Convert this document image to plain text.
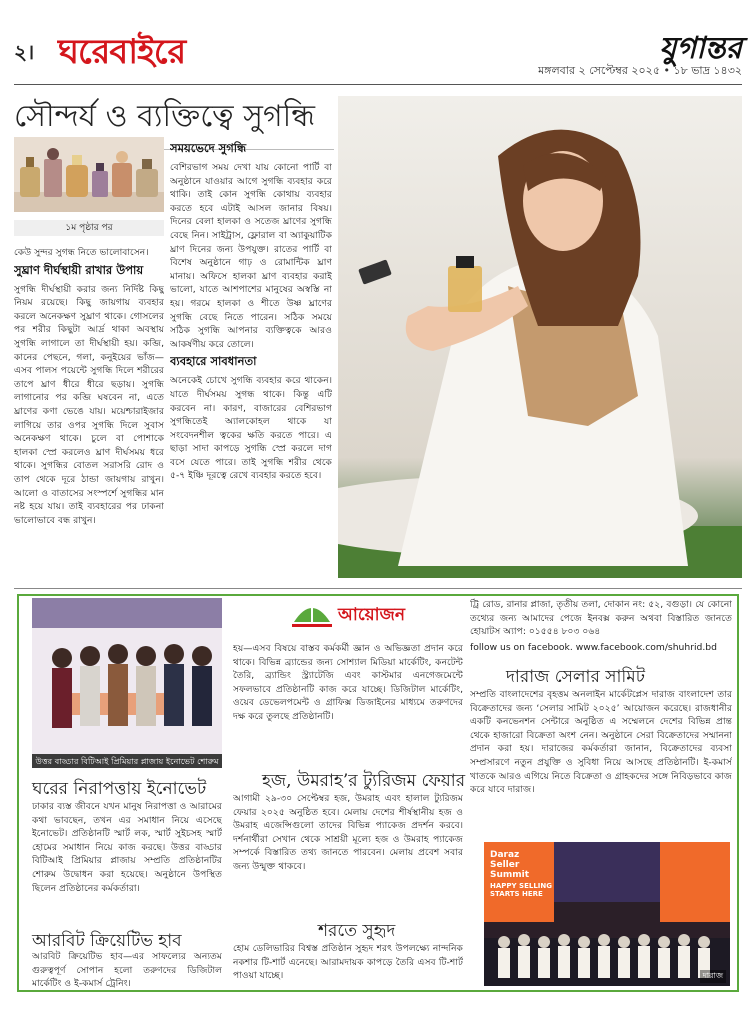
২। ঘরেবাইরে	যুগান্তর
মঙ্গলবার ২ সেপ্টেম্বর ২০২৫ • ১৮ ভাদ্র ১৪৩২
সৌন্দর্য ও ব্যক্তিত্বে সুগন্ধি
১ম পৃষ্ঠার পর

কেউ সুন্দর সুগন্ধ নিতে ভালোবাসেন।

সুঘ্রাণ দীর্ঘস্থায়ী রাখার উপায়

সুগন্ধি দীর্ঘস্থায়ী করার জন্য নির্দিষ্ট কিছু নিয়ম রয়েছে। কিছু জায়গায় ব্যবহার করলে অনেকক্ষণ সুঘ্রাণ থাকে। গোসলের পর শরীর কিছুটা আর্দ্র থাকা অবস্থায় সুগন্ধি লাগালে তা দীর্ঘস্থায়ী হয়। কব্জি, কানের পেছনে, গলা, কনুইয়ের ভাঁজ—এসব পালস পয়েন্টে সুগন্ধি দিলে শরীরের তাপে ঘ্রাণ ধীরে ধীরে ছড়ায়। সুগন্ধি লাগানোর পর কব্জি ঘষবেন না, এতে ঘ্রাণের কণা ভেঙে যায়। ময়েশ্চারাইজার লাগিয়ে তার ওপর সুগন্ধি দিলে সুবাস অনেকক্ষণ থাকে। চুলে বা পোশাকে হালকা স্প্রে করলেও ঘ্রাণ দীর্ঘসময় ধরে থাকে। সুগন্ধির বোতল সরাসরি রোদ ও তাপ থেকে দূরে ঠান্ডা জায়গায় রাখুন। আলো ও বাতাসের সংস্পর্শে সুগন্ধির মান নষ্ট হয়ে যায়। তাই ব্যবহারের পর ঢাকনা ভালোভাবে বন্ধ রাখুন।

সময়ভেদে সুগন্ধি

বেশিরভাগ সময় দেখা যায় কোনো পার্টি বা অনুষ্ঠানে যাওয়ার আগে সুগন্ধি ব্যবহার করে থাকি। তাই কোন সুগন্ধি কোথায় ব্যবহার করতে হবে এটাই আসল জানার বিষয়। দিনের বেলা হালকা ও সতেজ ঘ্রাণের সুগন্ধি বেছে নিন। সাইট্রাস, ফ্লোরাল বা অ্যাকুয়াটিক ঘ্রাণ দিনের জন্য উপযুক্ত। রাতের পার্টি বা বিশেষ অনুষ্ঠানে গাঢ় ও রোমান্টিক ঘ্রাণ মানায়। অফিসে হালকা ঘ্রাণ ব্যবহার করাই ভালো, যাতে আশপাশের মানুষের অস্বস্তি না হয়। গরমে হালকা ও শীতে উষ্ণ ঘ্রাণের সুগন্ধি বেছে নিতে পারেন। সঠিক সময়ে সঠিক সুগন্ধি আপনার ব্যক্তিত্বকে আরও আকর্ষণীয় করে তোলে।

ব্যবহারে সাবধানতা

অনেকেই চোখে সুগন্ধি ব্যবহার করে থাকেন। যাতে দীর্ঘসময় সুগন্ধ থাকে। কিন্তু এটি করবেন না। কারণ, বাজারের বেশিরভাগ সুগন্ধিতেই অ্যালকোহল থাকে যা সংবেদনশীল ত্বকের ক্ষতি করতে পারে। এ ছাড়া সাদা কাপড়ে সুগন্ধি স্প্রে করলে দাগ বসে যেতে পারে। তাই সুগন্ধি শরীর থেকে ৫-৭ ইঞ্চি দূরত্বে রেখে ব্যবহার করতে হবে।

উত্তর বাড্ডার বিটিআই প্রিমিয়ার প্লাজায় ইনোভেট শোরুম উদ্বোধন
আয়োজন
ঘরের নিরাপত্তায় ইনোভেট
ঢাকার ব্যস্ত জীবনে যখন মানুষ নিরাপত্তা ও আরামের কথা ভাবছেন, তখন এর সমাধান নিয়ে এসেছে ইনোভেট। প্রতিষ্ঠানটি স্মার্ট লক, স্মার্ট সুইচসহ স্মার্ট হোমের সমাধান নিয়ে কাজ করছে। উত্তর বাড্ডার বিটিআই প্রিমিয়ার প্লাজায় সম্প্রতি প্রতিষ্ঠানটির শোরুম উদ্বোধন করা হয়েছে। অনুষ্ঠানে উপস্থিত ছিলেন প্রতিষ্ঠানের কর্মকর্তারা।
আরবিট ক্রিয়েটিভ হাব
আরবিট ক্রিয়েটিভ হাব—এর সাফল্যের অন্যতম গুরুত্বপূর্ণ সোপান হলো তরুণদের ডিজিটাল মার্কেটিং ও ই-কমার্স ট্রেনিং।
হয়—এসব বিষয়ে বাস্তব কর্মকর্মী জ্ঞান ও অভিজ্ঞতা প্রদান করে থাকে। বিভিন্ন ব্র্যান্ডের জন্য সোশ্যাল মিডিয়া মার্কেটিং, কনটেন্ট তৈরি, ব্র্যান্ডিং স্ট্র্যাটেজি এবং কাস্টমার এনগেজমেন্টে সফলভাবে প্রতিষ্ঠানটি কাজ করে যাচ্ছে। ডিজিটাল মার্কেটিং, ওয়েব ডেভেলপমেন্ট ও গ্রাফিক্স ডিজাইনের মাধ্যমে তরুণদের দক্ষ করে তুলছে প্রতিষ্ঠানটি।
হজ, উমরাহ’র ট্যুরিজম ফেয়ার
আগামী ২৯-৩০ সেপ্টেম্বর হজ, উমরাহ এবং হালাল ট্যুরিজম ফেয়ার ২০২৫ অনুষ্ঠিত হবে। মেলায় দেশের শীর্ষস্থানীয় হজ ও উমরাহ এজেন্সিগুলো তাদের বিভিন্ন প্যাকেজ প্রদর্শন করবে। দর্শনার্থীরা সেখান থেকে সাশ্রয়ী মূল্যে হজ ও উমরাহ প্যাকেজ সম্পর্কে বিস্তারিত তথ্য জানতে পারবেন। মেলায় প্রবেশ সবার জন্য উন্মুক্ত থাকবে।
শরতে সুহৃদ
হোম ডেলিভারির বিশ্বস্ত প্রতিষ্ঠান সুহৃদ শরৎ উপলক্ষ্যে নান্দনিক নকশার টি-শার্ট এনেছে। আরামদায়ক কাপড়ে তৈরি এসব টি-শার্ট পাওয়া যাচ্ছে।

ট্রি রোড, রানার প্লাজা, তৃতীয় তলা, দোকান নং: ৫২, বগুড়া। যে কোনো তথ্যের জন্য আমাদের পেজে ইনবক্স করুন অথবা বিস্তারিত জানতে হোয়াটস অ্যাপ: ০১৫৫৪ ৮০৩ ০৬৪

follow us on facebook. www.facebook.com/shuhrid.bd

দারাজ সেলার সামিট
সম্প্রতি বাংলাদেশের বৃহত্তম অনলাইন মার্কেটপ্লেস দারাজ বাংলাদেশ তার বিক্রেতাদের জন্য ‘সেলার সামিট ২০২৫’ আয়োজন করেছে। রাজধানীর একটি কনভেনশন সেন্টারে অনুষ্ঠিত এ সম্মেলনে দেশের বিভিন্ন প্রান্ত থেকে হাজারো বিক্রেতা অংশ নেন। অনুষ্ঠানে সেরা বিক্রেতাদের সম্মাননা প্রদান করা হয়। দারাজের কর্মকর্তারা জানান, বিক্রেতাদের ব্যবসা সম্প্রসারণে নতুন প্রযুক্তি ও সুবিধা নিয়ে আসছে প্রতিষ্ঠানটি। ই-কমার্স খাতকে আরও এগিয়ে নিতে বিক্রেতা ও গ্রাহকদের সঙ্গে নিবিড়ভাবে কাজ করে যাবে দারাজ।
Daraz Seller Summit
HAPPY SELLING STARTS HERE
দারাজ
